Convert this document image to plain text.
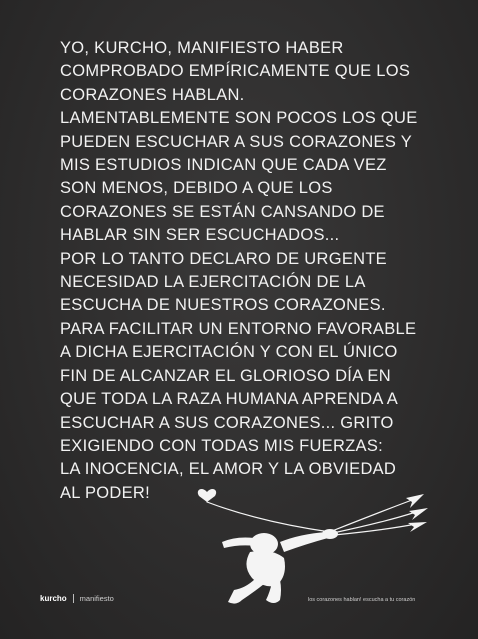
YO, KURCHO, MANIFIESTO HABER
COMPROBADO EMPÍRICAMENTE QUE LOS
CORAZONES HABLAN.
LAMENTABLEMENTE SON POCOS LOS QUE
PUEDEN ESCUCHAR A SUS CORAZONES Y
MIS ESTUDIOS INDICAN QUE CADA VEZ
SON MENOS, DEBIDO A QUE LOS
CORAZONES SE ESTÁN CANSANDO DE
HABLAR SIN SER ESCUCHADOS...
POR LO TANTO DECLARO DE URGENTE
NECESIDAD LA EJERCITACIÓN DE LA
ESCUCHA DE NUESTROS CORAZONES.
PARA FACILITAR UN ENTORNO FAVORABLE
A DICHA EJERCITACIÓN Y CON EL ÚNICO
FIN DE ALCANZAR EL GLORIOSO DÍA EN
QUE TODA LA RAZA HUMANA APRENDA A
ESCUCHAR A SUS CORAZONES... GRITO
EXIGIENDO CON TODAS MIS FUERZAS:
LA INOCENCIA, EL AMOR Y LA OBVIEDAD
AL PODER!
kurcho manifiesto	los corazones hablan! escucha a tu corazón
